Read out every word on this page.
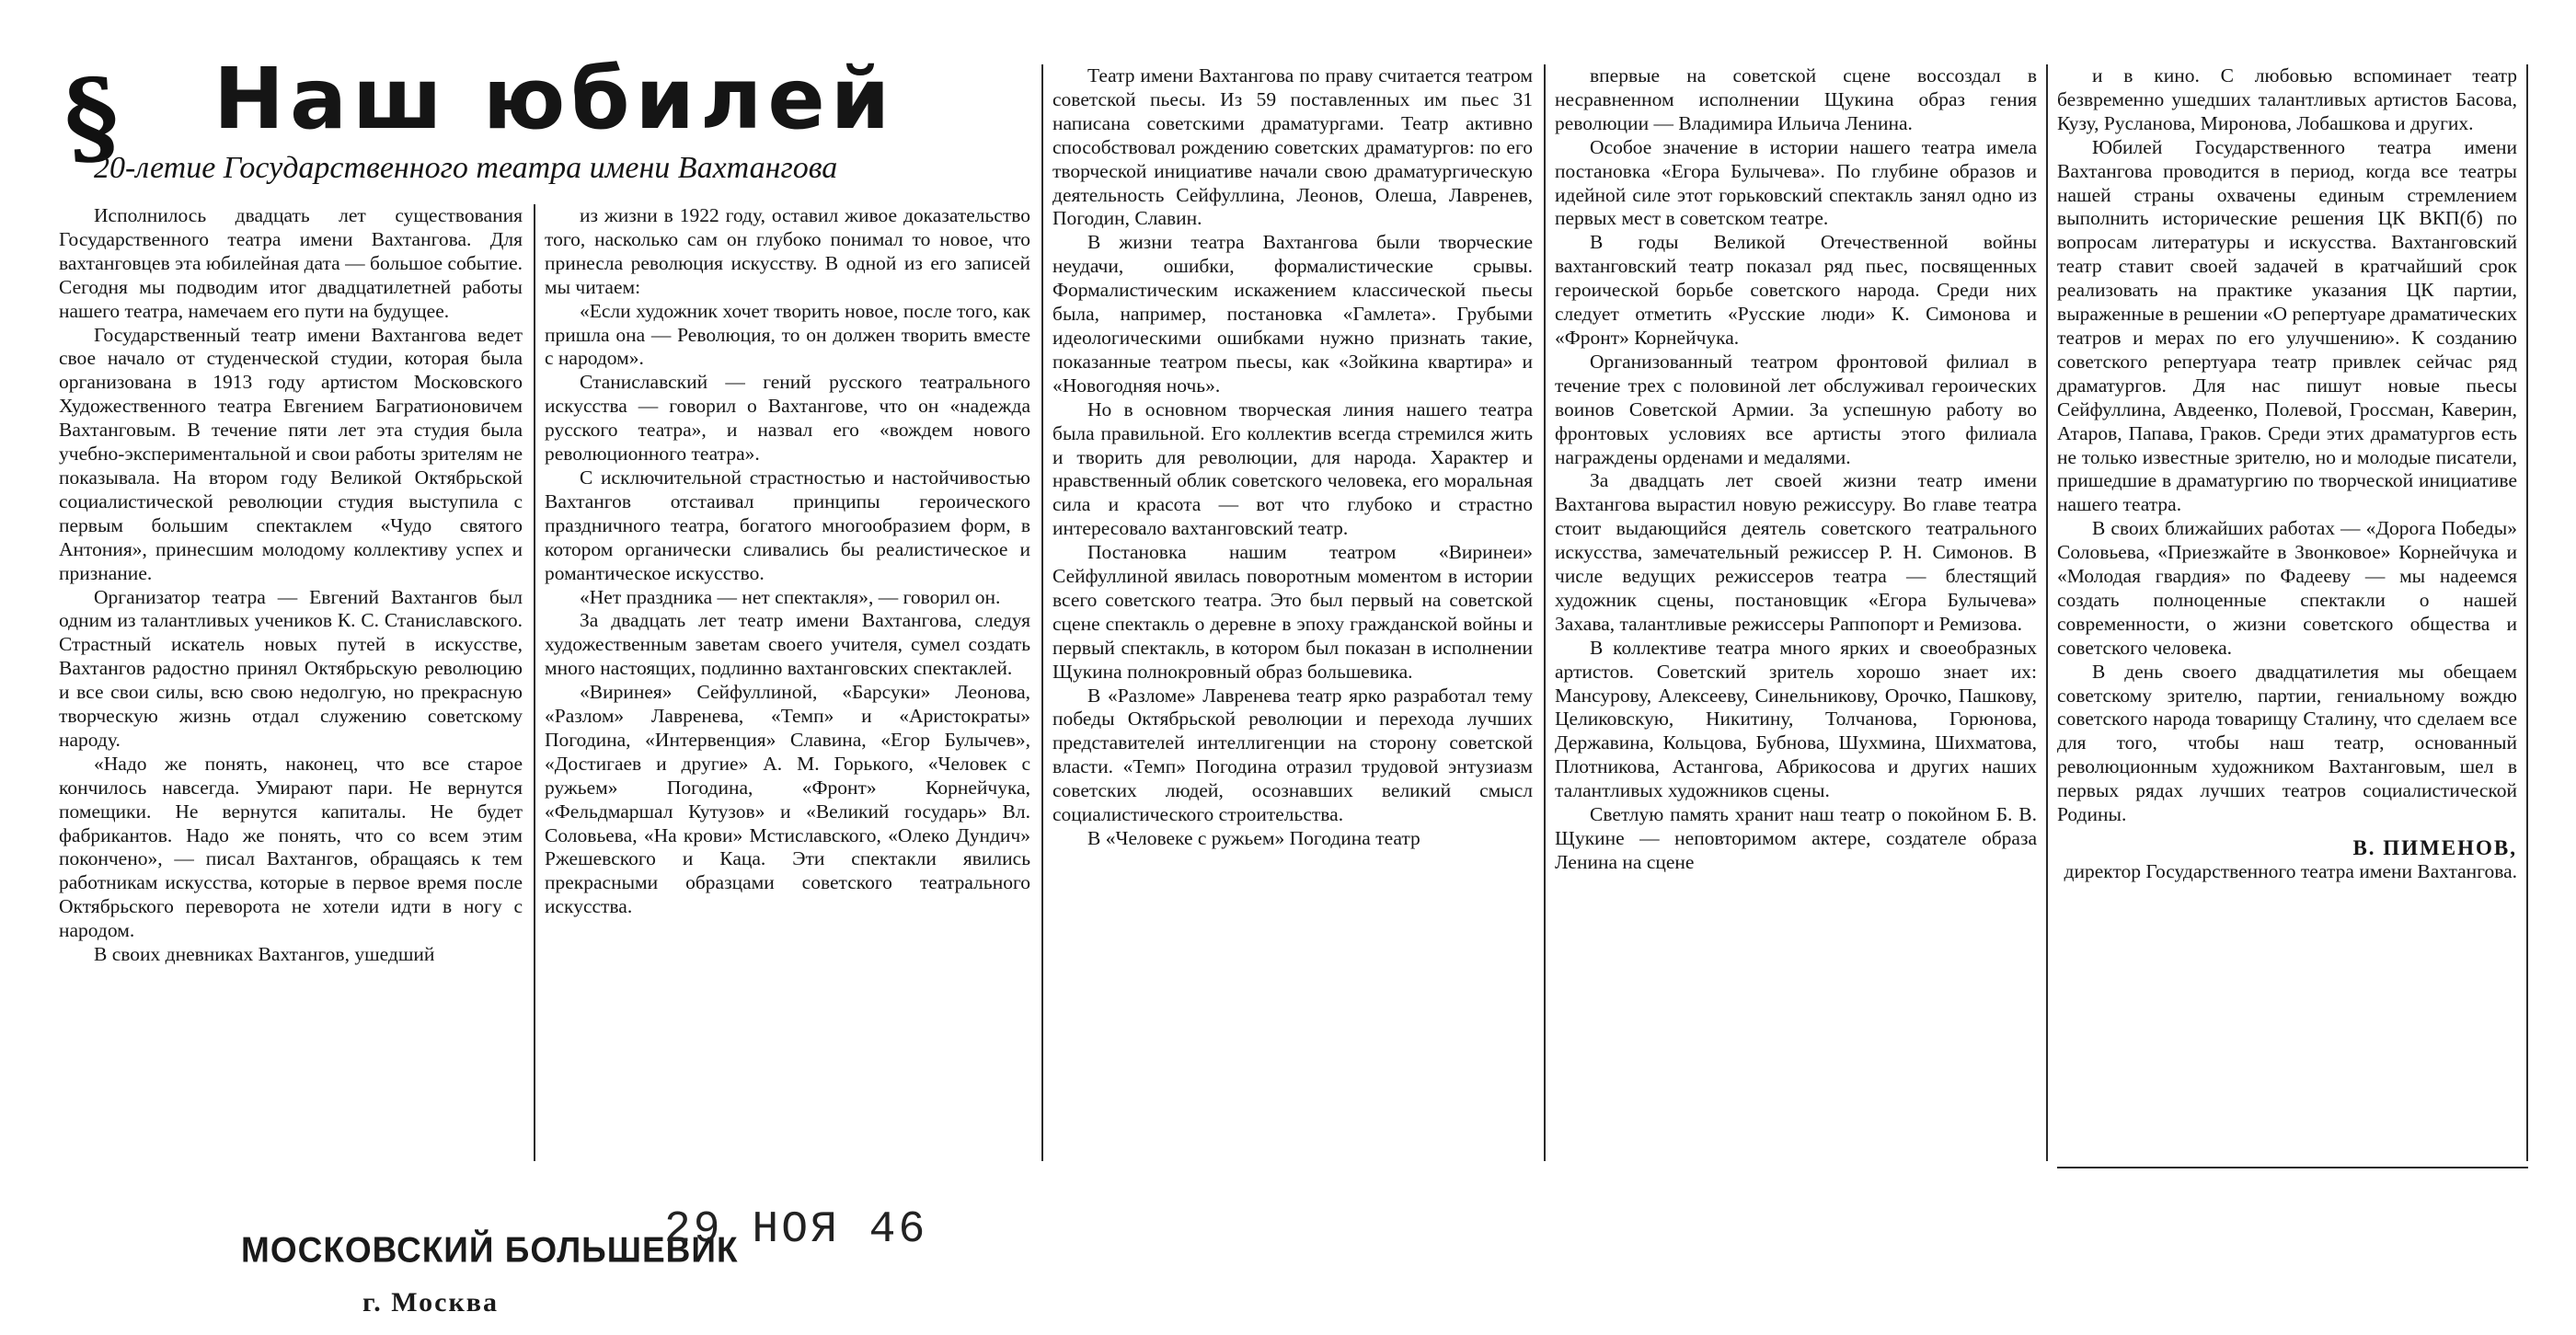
§ Наш юбилей
20-летие Государственного театра имени Вахтангова

Исполнилось двадцать лет существования Государственного театра имени Вахтангова. Для вахтанговцев эта юбилейная дата — большое событие. Сегодня мы подводим итог двадцатилетней работы нашего театра, намечаем его пути на будущее.

Государственный театр имени Вахтангова ведет свое начало от студенческой студии, которая была организована в 1913 году артистом Московского Художественного театра Евгением Багратионовичем Вахтанговым. В течение пяти лет эта студия была учебно-экспериментальной и свои работы зрителям не показывала. На втором году Великой Октябрьской социалистической революции студия выступила с первым большим спектаклем «Чудо святого Антония», принесшим молодому коллективу успех и признание.

Организатор театра — Евгений Вахтангов был одним из талантливых учеников К. С. Станиславского. Страстный искатель новых путей в искусстве, Вахтангов радостно принял Октябрьскую революцию и все свои силы, всю свою недолгую, но прекрасную творческую жизнь отдал служению советскому народу.

«Надо же понять, наконец, что все старое кончилось навсегда. Умирают пари. Не вернутся помещики. Не вернутся капиталы. Не будет фабрикантов. Надо же понять, что со всем этим покончено», — писал Вахтангов, обращаясь к тем работникам искусства, которые в первое время после Октябрьского переворота не хотели идти в ногу с народом.

В своих дневниках Вахтангов, ушедший

из жизни в 1922 году, оставил живое доказательство того, насколько сам он глубоко понимал то новое, что принесла революция искусству. В одной из его записей мы читаем:

«Если художник хочет творить новое, после того, как пришла она — Революция, то он должен творить вместе с народом».

Станиславский — гений русского театрального искусства — говорил о Вахтангове, что он «надежда русского театра», и назвал его «вождем нового революционного театра».

С исключительной страстностью и настойчивостью Вахтангов отстаивал принципы героического праздничного театра, богатого многообразием форм, в котором органически сливались бы реалистическое и романтическое искусство.

«Нет праздника — нет спектакля», — говорил он.

За двадцать лет театр имени Вахтангова, следуя художественным заветам своего учителя, сумел создать много настоящих, подлинно вахтанговских спектаклей.

«Виринея» Сейфуллиной, «Барсуки» Леонова, «Разлом» Лавренева, «Темп» и «Аристократы» Погодина, «Интервенция» Славина, «Егор Булычев», «Достигаев и другие» А. М. Горького, «Человек с ружьем» Погодина, «Фронт» Корнейчука, «Фельдмаршал Кутузов» и «Великий государь» Вл. Соловьева, «На крови» Мстиславского, «Олеко Дундич» Ржешевского и Каца. Эти спектакли явились прекрасными образцами советского театрального искусства.

Театр имени Вахтангова по праву считается театром советской пьесы. Из 59 поставленных им пьес 31 написана советскими драматургами. Театр активно способствовал рождению советских драматургов: по его творческой инициативе начали свою драматургическую деятельность Сейфуллина, Леонов, Олеша, Лавренев, Погодин, Славин.

В жизни театра Вахтангова были творческие неудачи, ошибки, формалистические срывы. Формалистическим искажением классической пьесы была, например, постановка «Гамлета». Грубыми идеологическими ошибками нужно признать такие, показанные театром пьесы, как «Зойкина квартира» и «Новогодняя ночь».

Но в основном творческая линия нашего театра была правильной. Его коллектив всегда стремился жить и творить для революции, для народа. Характер и нравственный облик советского человека, его моральная сила и красота — вот что глубоко и страстно интересовало вахтанговский театр.

Постановка нашим театром «Виринеи» Сейфуллиной явилась поворотным моментом в истории всего советского театра. Это был первый на советской сцене спектакль о деревне в эпоху гражданской войны и первый спектакль, в котором был показан в исполнении Щукина полнокровный образ большевика.

В «Разломе» Лавренева театр ярко разработал тему победы Октябрьской революции и перехода лучших представителей интеллигенции на сторону советской власти. «Темп» Погодина отразил трудовой энтузиазм советских людей, осознавших великий смысл социалистического строительства.

В «Человеке с ружьем» Погодина театр

впервые на советской сцене воссоздал в несравненном исполнении Щукина образ гения революции — Владимира Ильича Ленина.

Особое значение в истории нашего театра имела постановка «Егора Булычева». По глубине образов и идейной силе этот горьковский спектакль занял одно из первых мест в советском театре.

В годы Великой Отечественной войны вахтанговский театр показал ряд пьес, посвященных героической борьбе советского народа. Среди них следует отметить «Русские люди» К. Симонова и «Фронт» Корнейчука.

Организованный театром фронтовой филиал в течение трех с половиной лет обслуживал героических воинов Советской Армии. За успешную работу во фронтовых условиях все артисты этого филиала награждены орденами и медалями.

За двадцать лет своей жизни театр имени Вахтангова вырастил новую режиссуру. Во главе театра стоит выдающийся деятель советского театрального искусства, замечательный режиссер Р. Н. Симонов. В числе ведущих режиссеров театра — блестящий художник сцены, постановщик «Егора Булычева» Захава, талантливые режиссеры Раппопорт и Ремизова.

В коллективе театра много ярких и своеобразных артистов. Советский зритель хорошо знает их: Мансурову, Алексееву, Синельникову, Орочко, Пашкову, Целиковскую, Никитину, Толчанова, Горюнова, Державина, Кольцова, Бубнова, Шухмина, Шихматова, Плотникова, Астангова, Абрикосова и других наших талантливых художников сцены.

Светлую память хранит наш театр о покойном Б. В. Щукине — неповторимом актере, создателе образа Ленина на сцене

и в кино. С любовью вспоминает театр безвременно ушедших талантливых артистов Басова, Кузу, Русланова, Миронова, Лобашкова и других.

Юбилей Государственного театра имени Вахтангова проводится в период, когда все театры нашей страны охвачены единым стремлением выполнить исторические решения ЦК ВКП(б) по вопросам литературы и искусства. Вахтанговский театр ставит своей задачей в кратчайший срок реализовать на практике указания ЦК партии, выраженные в решении «О репертуаре драматических театров и мерах по его улучшению». К созданию советского репертуара театр привлек сейчас ряд драматургов. Для нас пишут новые пьесы Сейфуллина, Авдеенко, Полевой, Гроссман, Каверин, Атаров, Папава, Граков. Среди этих драматургов есть не только известные зрителю, но и молодые писатели, пришедшие в драматургию по творческой инициативе нашего театра.

В своих ближайших работах — «Дорога Победы» Соловьева, «Приезжайте в Звонковое» Корнейчука и «Молодая гвардия» по Фадееву — мы надеемся создать полноценные спектакли о нашей современности, о жизни советского общества и советского человека.

В день своего двадцатилетия мы обещаем советскому зрителю, партии, гениальному вождю советского народа товарищу Сталину, что сделаем все для того, чтобы наш театр, основанный революционным художником Вахтанговым, шел в первых рядах лучших театров социалистической Родины.

В. ПИМЕНОВ,

директор Государственного театра имени Вахтангова.

МОСКОВСКИЙ БОЛЬШЕВИК
29 НОЯ 46
г. Москва
